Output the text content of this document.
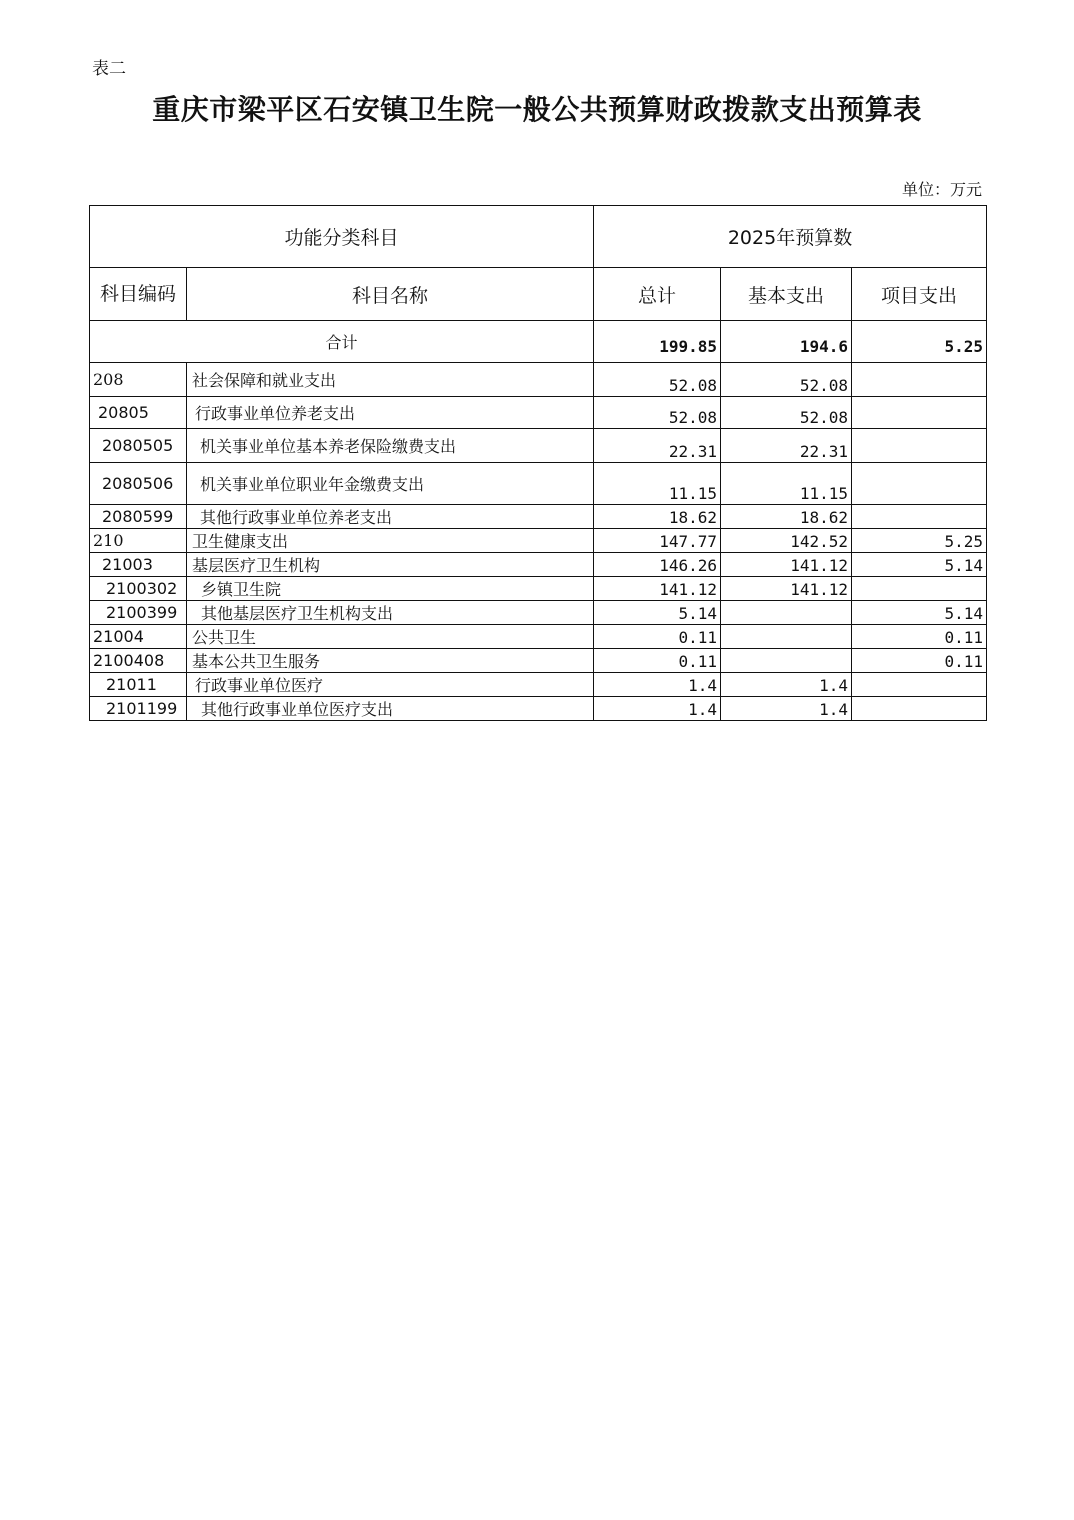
表二
重庆市梁平区石安镇卫生院一般公共预算财政拨款支出预算表
单位：万元
功能分类科目		2025年预算数		
科目编码	科目名称	总计	基本支出	项目支出
合计		199.85	194.6	5.25
208	社会保障和就业支出	52.08	52.08	
20805	行政事业单位养老支出	52.08	52.08	
2080505	机关事业单位基本养老保险缴费支出	22.31	22.31	
2080506	机关事业单位职业年金缴费支出	11.15	11.15	
2080599	其他行政事业单位养老支出	18.62	18.62	
210	卫生健康支出	147.77	142.52	5.25
21003	基层医疗卫生机构	146.26	141.12	5.14
2100302	乡镇卫生院	141.12	141.12	
2100399	其他基层医疗卫生机构支出	5.14		5.14
21004	公共卫生	0.11		0.11
2100408	基本公共卫生服务	0.11		0.11
21011	行政事业单位医疗	1.4	1.4	
2101199	其他行政事业单位医疗支出	1.4	1.4	
